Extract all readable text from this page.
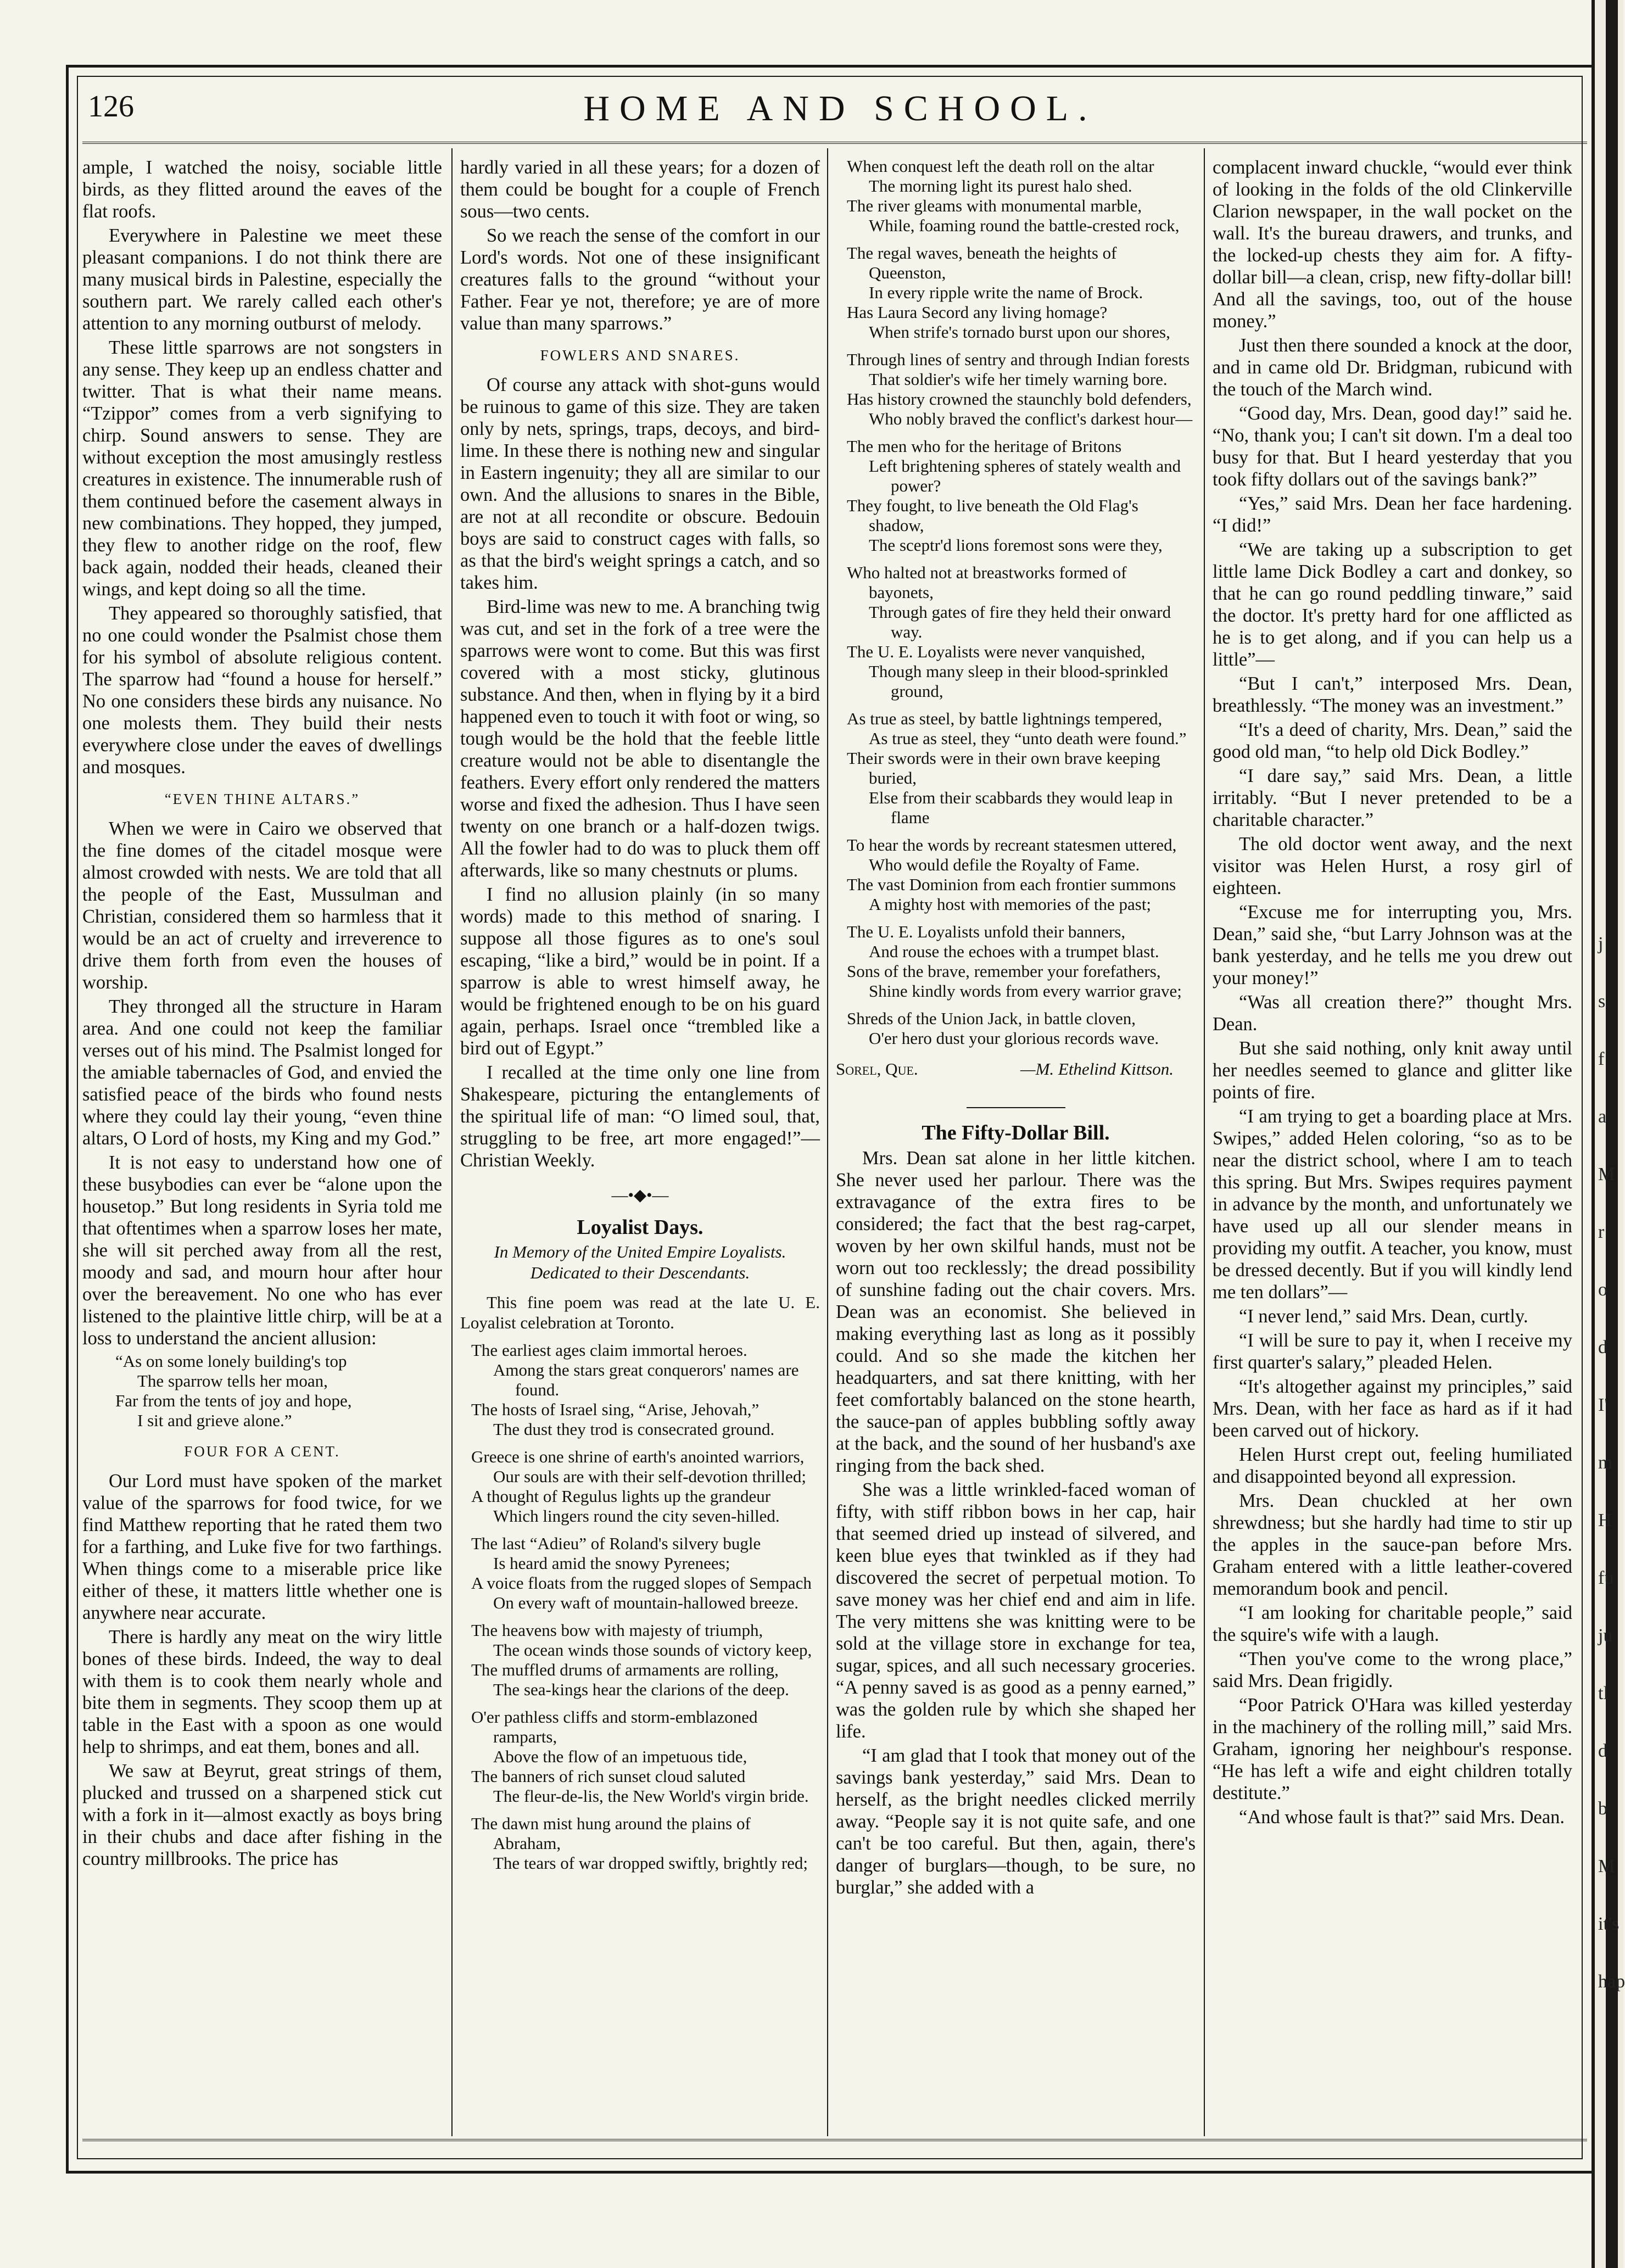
126	HOME AND SCHOOL.

ample, I watched the noisy, sociable little birds, as they flitted around the eaves of the flat roofs.

Everywhere in Palestine we meet these pleasant companions. I do not think there are many musical birds in Palestine, especially the southern part. We rarely called each other's attention to any morning outburst of melody.

These little sparrows are not songsters in any sense. They keep up an endless chatter and twitter. That is what their name means. “Tzippor” comes from a verb signifying to chirp. Sound answers to sense. They are without exception the most amusingly restless creatures in existence. The innumerable rush of them continued before the casement always in new combinations. They hopped, they jumped, they flew to another ridge on the roof, flew back again, nodded their heads, cleaned their wings, and kept doing so all the time.

They appeared so thoroughly satisfied, that no one could wonder the Psalmist chose them for his symbol of absolute religious content. The sparrow had “found a house for herself.” No one considers these birds any nuisance. No one molests them. They build their nests everywhere close under the eaves of dwellings and mosques.

“EVEN THINE ALTARS.”

When we were in Cairo we observed that the fine domes of the citadel mosque were almost crowded with nests. We are told that all the people of the East, Mussulman and Christian, considered them so harmless that it would be an act of cruelty and irreverence to drive them forth from even the houses of worship.

They thronged all the structure in Haram area. And one could not keep the familiar verses out of his mind. The Psalmist longed for the amiable tabernacles of God, and envied the satisfied peace of the birds who found nests where they could lay their young, “even thine altars, O Lord of hosts, my King and my God.”

It is not easy to understand how one of these busybodies can ever be “alone upon the housetop.” But long residents in Syria told me that oftentimes when a sparrow loses her mate, she will sit perched away from all the rest, moody and sad, and mourn hour after hour over the bereavement. No one who has ever listened to the plaintive little chirp, will be at a loss to understand the ancient allusion:

“As on some lonely building's top
The sparrow tells her moan,
Far from the tents of joy and hope,
I sit and grieve alone.”
FOUR FOR A CENT.

Our Lord must have spoken of the market value of the sparrows for food twice, for we find Matthew reporting that he rated them two for a farthing, and Luke five for two farthings. When things come to a miserable price like either of these, it matters little whether one is anywhere near accurate.

There is hardly any meat on the wiry little bones of these birds. Indeed, the way to deal with them is to cook them nearly whole and bite them in segments. They scoop them up at table in the East with a spoon as one would help to shrimps, and eat them, bones and all.

We saw at Beyrut, great strings of them, plucked and trussed on a sharpened stick cut with a fork in it—almost exactly as boys bring in their chubs and dace after fishing in the country millbrooks. The price has

hardly varied in all these years; for a dozen of them could be bought for a couple of French sous—two cents.

So we reach the sense of the comfort in our Lord's words. Not one of these insignificant creatures falls to the ground “without your Father. Fear ye not, therefore; ye are of more value than many sparrows.”

FOWLERS AND SNARES.

Of course any attack with shot-guns would be ruinous to game of this size. They are taken only by nets, springs, traps, decoys, and bird-lime. In these there is nothing new and singular in Eastern ingenuity; they all are similar to our own. And the allusions to snares in the Bible, are not at all recondite or obscure. Bedouin boys are said to construct cages with falls, so as that the bird's weight springs a catch, and so takes him.

Bird-lime was new to me. A branching twig was cut, and set in the fork of a tree were the sparrows were wont to come. But this was first covered with a most sticky, glutinous substance. And then, when in flying by it a bird happened even to touch it with foot or wing, so tough would be the hold that the feeble little creature would not be able to disentangle the feathers. Every effort only rendered the matters worse and fixed the adhesion. Thus I have seen twenty on one branch or a half-dozen twigs. All the fowler had to do was to pluck them off afterwards, like so many chestnuts or plums.

I find no allusion plainly (in so many words) made to this method of snaring. I suppose all those figures as to one's soul escaping, “like a bird,” would be in point. If a sparrow is able to wrest himself away, he would be frightened enough to be on his guard again, perhaps. Israel once “trembled like a bird out of Egypt.”

I recalled at the time only one line from Shakespeare, picturing the entanglements of the spiritual life of man: “O limed soul, that, struggling to be free, art more engaged!”—Christian Weekly.

—•◆•—
Loyalist Days.
In Memory of the United Empire Loyalists.
Dedicated to their Descendants.

This fine poem was read at the late U. E. Loyalist celebration at Toronto.

The earliest ages claim immortal heroes.
Among the stars great conquerors' names are found.
The hosts of Israel sing, “Arise, Jehovah,”
The dust they trod is consecrated ground.
Greece is one shrine of earth's anointed warriors,
Our souls are with their self-devotion thrilled;
A thought of Regulus lights up the grandeur
Which lingers round the city seven-hilled.
The last “Adieu” of Roland's silvery bugle
Is heard amid the snowy Pyrenees;
A voice floats from the rugged slopes of Sempach
On every waft of mountain-hallowed breeze.
The heavens bow with majesty of triumph,
The ocean winds those sounds of victory keep,
The muffled drums of armaments are rolling,
The sea-kings hear the clarions of the deep.
O'er pathless cliffs and storm-emblazoned ramparts,
Above the flow of an impetuous tide,
The banners of rich sunset cloud saluted
The fleur-de-lis, the New World's virgin bride.
The dawn mist hung around the plains of Abraham,
The tears of war dropped swiftly, brightly red;
When conquest left the death roll on the altar
The morning light its purest halo shed.
The river gleams with monumental marble,
While, foaming round the battle-crested rock,
The regal waves, beneath the heights of Queenston,
In every ripple write the name of Brock.
Has Laura Secord any living homage?
When strife's tornado burst upon our shores,
Through lines of sentry and through Indian forests
That soldier's wife her timely warning bore.
Has history crowned the staunchly bold defenders,
Who nobly braved the conflict's darkest hour—
The men who for the heritage of Britons
Left brightening spheres of stately wealth and power?
They fought, to live beneath the Old Flag's shadow,
The sceptr'd lions foremost sons were they,
Who halted not at breastworks formed of bayonets,
Through gates of fire they held their onward way.
The U. E. Loyalists were never vanquished,
Though many sleep in their blood-sprinkled ground,
As true as steel, by battle lightnings tempered,
As true as steel, they “unto death were found.”
Their swords were in their own brave keeping buried,
Else from their scabbards they would leap in flame
To hear the words by recreant statesmen uttered,
Who would defile the Royalty of Fame.
The vast Dominion from each frontier summons
A mighty host with memories of the past;
The U. E. Loyalists unfold their banners,
And rouse the echoes with a trumpet blast.
Sons of the brave, remember your forefathers,
Shine kindly words from every warrior grave;
Shreds of the Union Jack, in battle cloven,
O'er hero dust your glorious records wave.
Sorel, Que.	—M. Ethelind Kittson.
The Fifty-Dollar Bill.

Mrs. Dean sat alone in her little kitchen. She never used her parlour. There was the extravagance of the extra fires to be considered; the fact that the best rag-carpet, woven by her own skilful hands, must not be worn out too recklessly; the dread possibility of sunshine fading out the chair covers. Mrs. Dean was an economist. She believed in making everything last as long as it possibly could. And so she made the kitchen her headquarters, and sat there knitting, with her feet comfortably balanced on the stone hearth, the sauce-pan of apples bubbling softly away at the back, and the sound of her husband's axe ringing from the back shed.

She was a little wrinkled-faced woman of fifty, with stiff ribbon bows in her cap, hair that seemed dried up instead of silvered, and keen blue eyes that twinkled as if they had discovered the secret of perpetual motion. To save money was her chief end and aim in life. The very mittens she was knitting were to be sold at the village store in exchange for tea, sugar, spices, and all such necessary groceries. “A penny saved is as good as a penny earned,” was the golden rule by which she shaped her life.

“I am glad that I took that money out of the savings bank yesterday,” said Mrs. Dean to herself, as the bright needles clicked merrily away. “People say it is not quite safe, and one can't be too careful. But then, again, there's danger of burglars—though, to be sure, no burglar,” she added with a

complacent inward chuckle, “would ever think of looking in the folds of the old Clinkerville Clarion newspaper, in the wall pocket on the wall. It's the bureau drawers, and trunks, and the locked-up chests they aim for. A fifty-dollar bill—a clean, crisp, new fifty-dollar bill! And all the savings, too, out of the house money.”

Just then there sounded a knock at the door, and in came old Dr. Bridgman, rubicund with the touch of the March wind.

“Good day, Mrs. Dean, good day!” said he. “No, thank you; I can't sit down. I'm a deal too busy for that. But I heard yesterday that you took fifty dollars out of the savings bank?”

“Yes,” said Mrs. Dean her face hardening. “I did!”

“We are taking up a subscription to get little lame Dick Bodley a cart and donkey, so that he can go round peddling tinware,” said the doctor. It's pretty hard for one afflicted as he is to get along, and if you can help us a little”—

“But I can't,” interposed Mrs. Dean, breathlessly. “The money was an investment.”

“It's a deed of charity, Mrs. Dean,” said the good old man, “to help old Dick Bodley.”

“I dare say,” said Mrs. Dean, a little irritably. “But I never pretended to be a charitable character.”

The old doctor went away, and the next visitor was Helen Hurst, a rosy girl of eighteen.

“Excuse me for interrupting you, Mrs. Dean,” said she, “but Larry Johnson was at the bank yesterday, and he tells me you drew out your money!”

“Was all creation there?” thought Mrs. Dean.

But she said nothing, only knit away until her needles seemed to glance and glitter like points of fire.

“I am trying to get a boarding place at Mrs. Swipes,” added Helen coloring, “so as to be near the district school, where I am to teach this spring. But Mrs. Swipes requires payment in advance by the month, and unfortunately we have used up all our slender means in providing my outfit. A teacher, you know, must be dressed decently. But if you will kindly lend me ten dollars”—

“I never lend,” said Mrs. Dean, curtly.

“I will be sure to pay it, when I receive my first quarter's salary,” pleaded Helen.

“It's altogether against my principles,” said Mrs. Dean, with her face as hard as if it had been carved out of hickory.

Helen Hurst crept out, feeling humiliated and disappointed beyond all expression.

Mrs. Dean chuckled at her own shrewdness; but she hardly had time to stir up the apples in the sauce-pan before Mrs. Graham entered with a little leather-covered memorandum book and pencil.

“I am looking for charitable people,” said the squire's wife with a laugh.

“Then you've come to the wrong place,” said Mrs. Dean frigidly.

“Poor Patrick O'Hara was killed yesterday in the machinery of the rolling mill,” said Mrs. Graham, ignoring her neighbour's response. “He has left a wife and eight children totally destitute.”

“And whose fault is that?” said Mrs. Dean.

j
s
f
a
M
r
o
d
I'
m
H
fu
ju
tl
d
b
M
it's
hap
